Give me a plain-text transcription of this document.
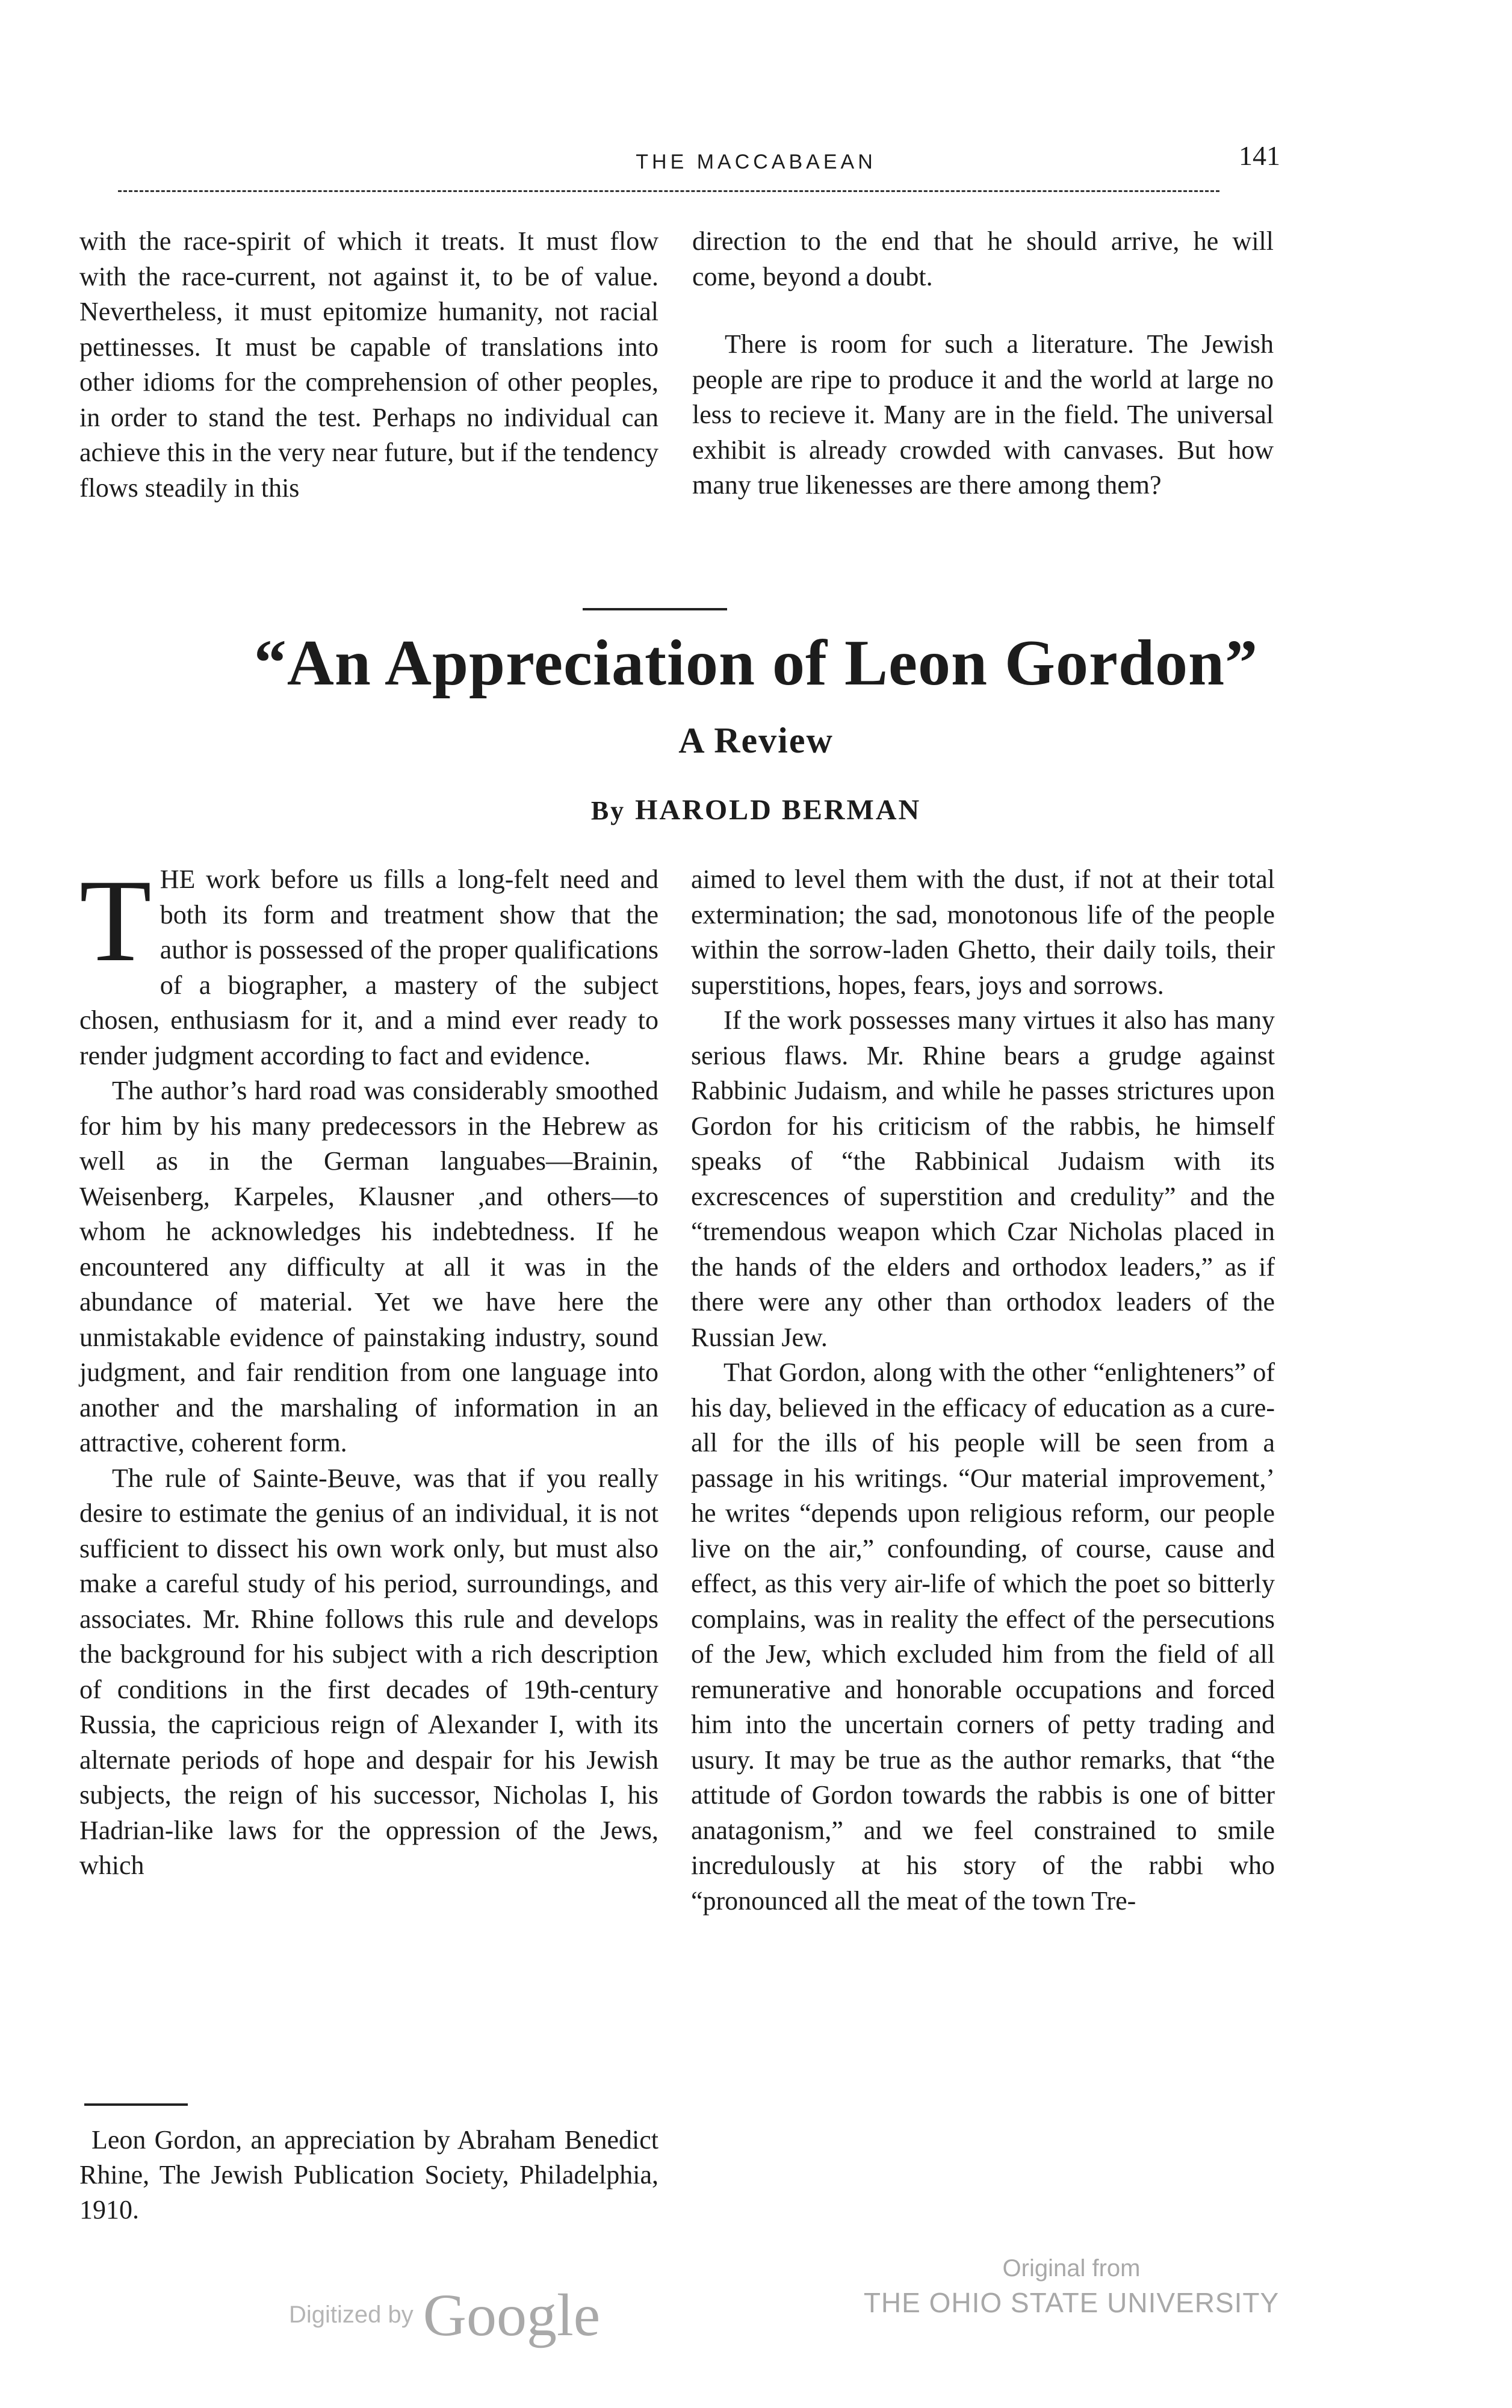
THE MACCABAEAN	141

with the race-spirit of which it treats. It must flow with the race-current, not against it, to be of value. Nevertheless, it must epitomize humanity, not racial pettinesses. It must be capable of translations into other idioms for the comprehension of other peoples, in order to stand the test. Perhaps no individual can achieve this in the very near future, but if the tendency flows steadily in this

direction to the end that he should arrive, he will come, beyond a doubt.

There is room for such a literature. The Jewish people are ripe to produce it and the world at large no less to recieve it. Many are in the field. The universal exhibit is already crowded with canvases. But how many true likenesses are there among them?

“An Appreciation of Leon Gordon”
A Review
By HAROLD BERMAN

THE work before us fills a long-felt need and both its form and treatment show that the author is possessed of the proper qualifications of a biographer, a mastery of the subject chosen, enthusiasm for it, and a mind ever ready to render judgment according to fact and evidence.

The author’s hard road was considerably smoothed for him by his many predecessors in the Hebrew as well as in the German languabes—Brainin, Weisenberg, Karpeles, Klausner ,and others—to whom he acknowledges his indebtedness. If he encountered any difficulty at all it was in the abundance of material. Yet we have here the unmistakable evidence of painstaking industry, sound judgment, and fair rendition from one language into another and the marshaling of information in an attractive, coherent form.

The rule of Sainte-Beuve, was that if you really desire to estimate the genius of an individual, it is not sufficient to dissect his own work only, but must also make a careful study of his period, surroundings, and associates. Mr. Rhine follows this rule and develops the background for his subject with a rich description of conditions in the first decades of 19th-century Russia, the capricious reign of Alexander I, with its alternate periods of hope and despair for his Jewish subjects, the reign of his successor, Nicholas I, his Hadrian-like laws for the oppression of the Jews, which

aimed to level them with the dust, if not at their total extermination; the sad, monotonous life of the people within the sorrow-laden Ghetto, their daily toils, their superstitions, hopes, fears, joys and sorrows.

If the work possesses many virtues it also has many serious flaws. Mr. Rhine bears a grudge against Rabbinic Judaism, and while he passes strictures upon Gordon for his criticism of the rabbis, he himself speaks of “the Rabbinical Judaism with its excrescences of superstition and credulity” and the “tremendous weapon which Czar Nicholas placed in the hands of the elders and orthodox leaders,” as if there were any other than orthodox leaders of the Russian Jew.

That Gordon, along with the other “enlighteners” of his day, believed in the efficacy of education as a cure-all for the ills of his people will be seen from a passage in his writings. “Our material improvement,’ he writes “depends upon religious reform, our people live on the air,” confounding, of course, cause and effect, as this very air-life of which the poet so bitterly complains, was in reality the effect of the persecutions of the Jew, which excluded him from the field of all remunerative and honorable occupations and forced him into the uncertain corners of petty trading and usury. It may be true as the author remarks, that “the attitude of Gordon towards the rabbis is one of bitter anatagonism,” and we feel constrained to smile incredulously at his story of the rabbi who “pronounced all the meat of the town Tre-

Leon Gordon, an appreciation by Abraham Benedict Rhine, The Jewish Publication Society, Philadelphia, 1910.

Digitized by Google
Original from
THE OHIO STATE UNIVERSITY
